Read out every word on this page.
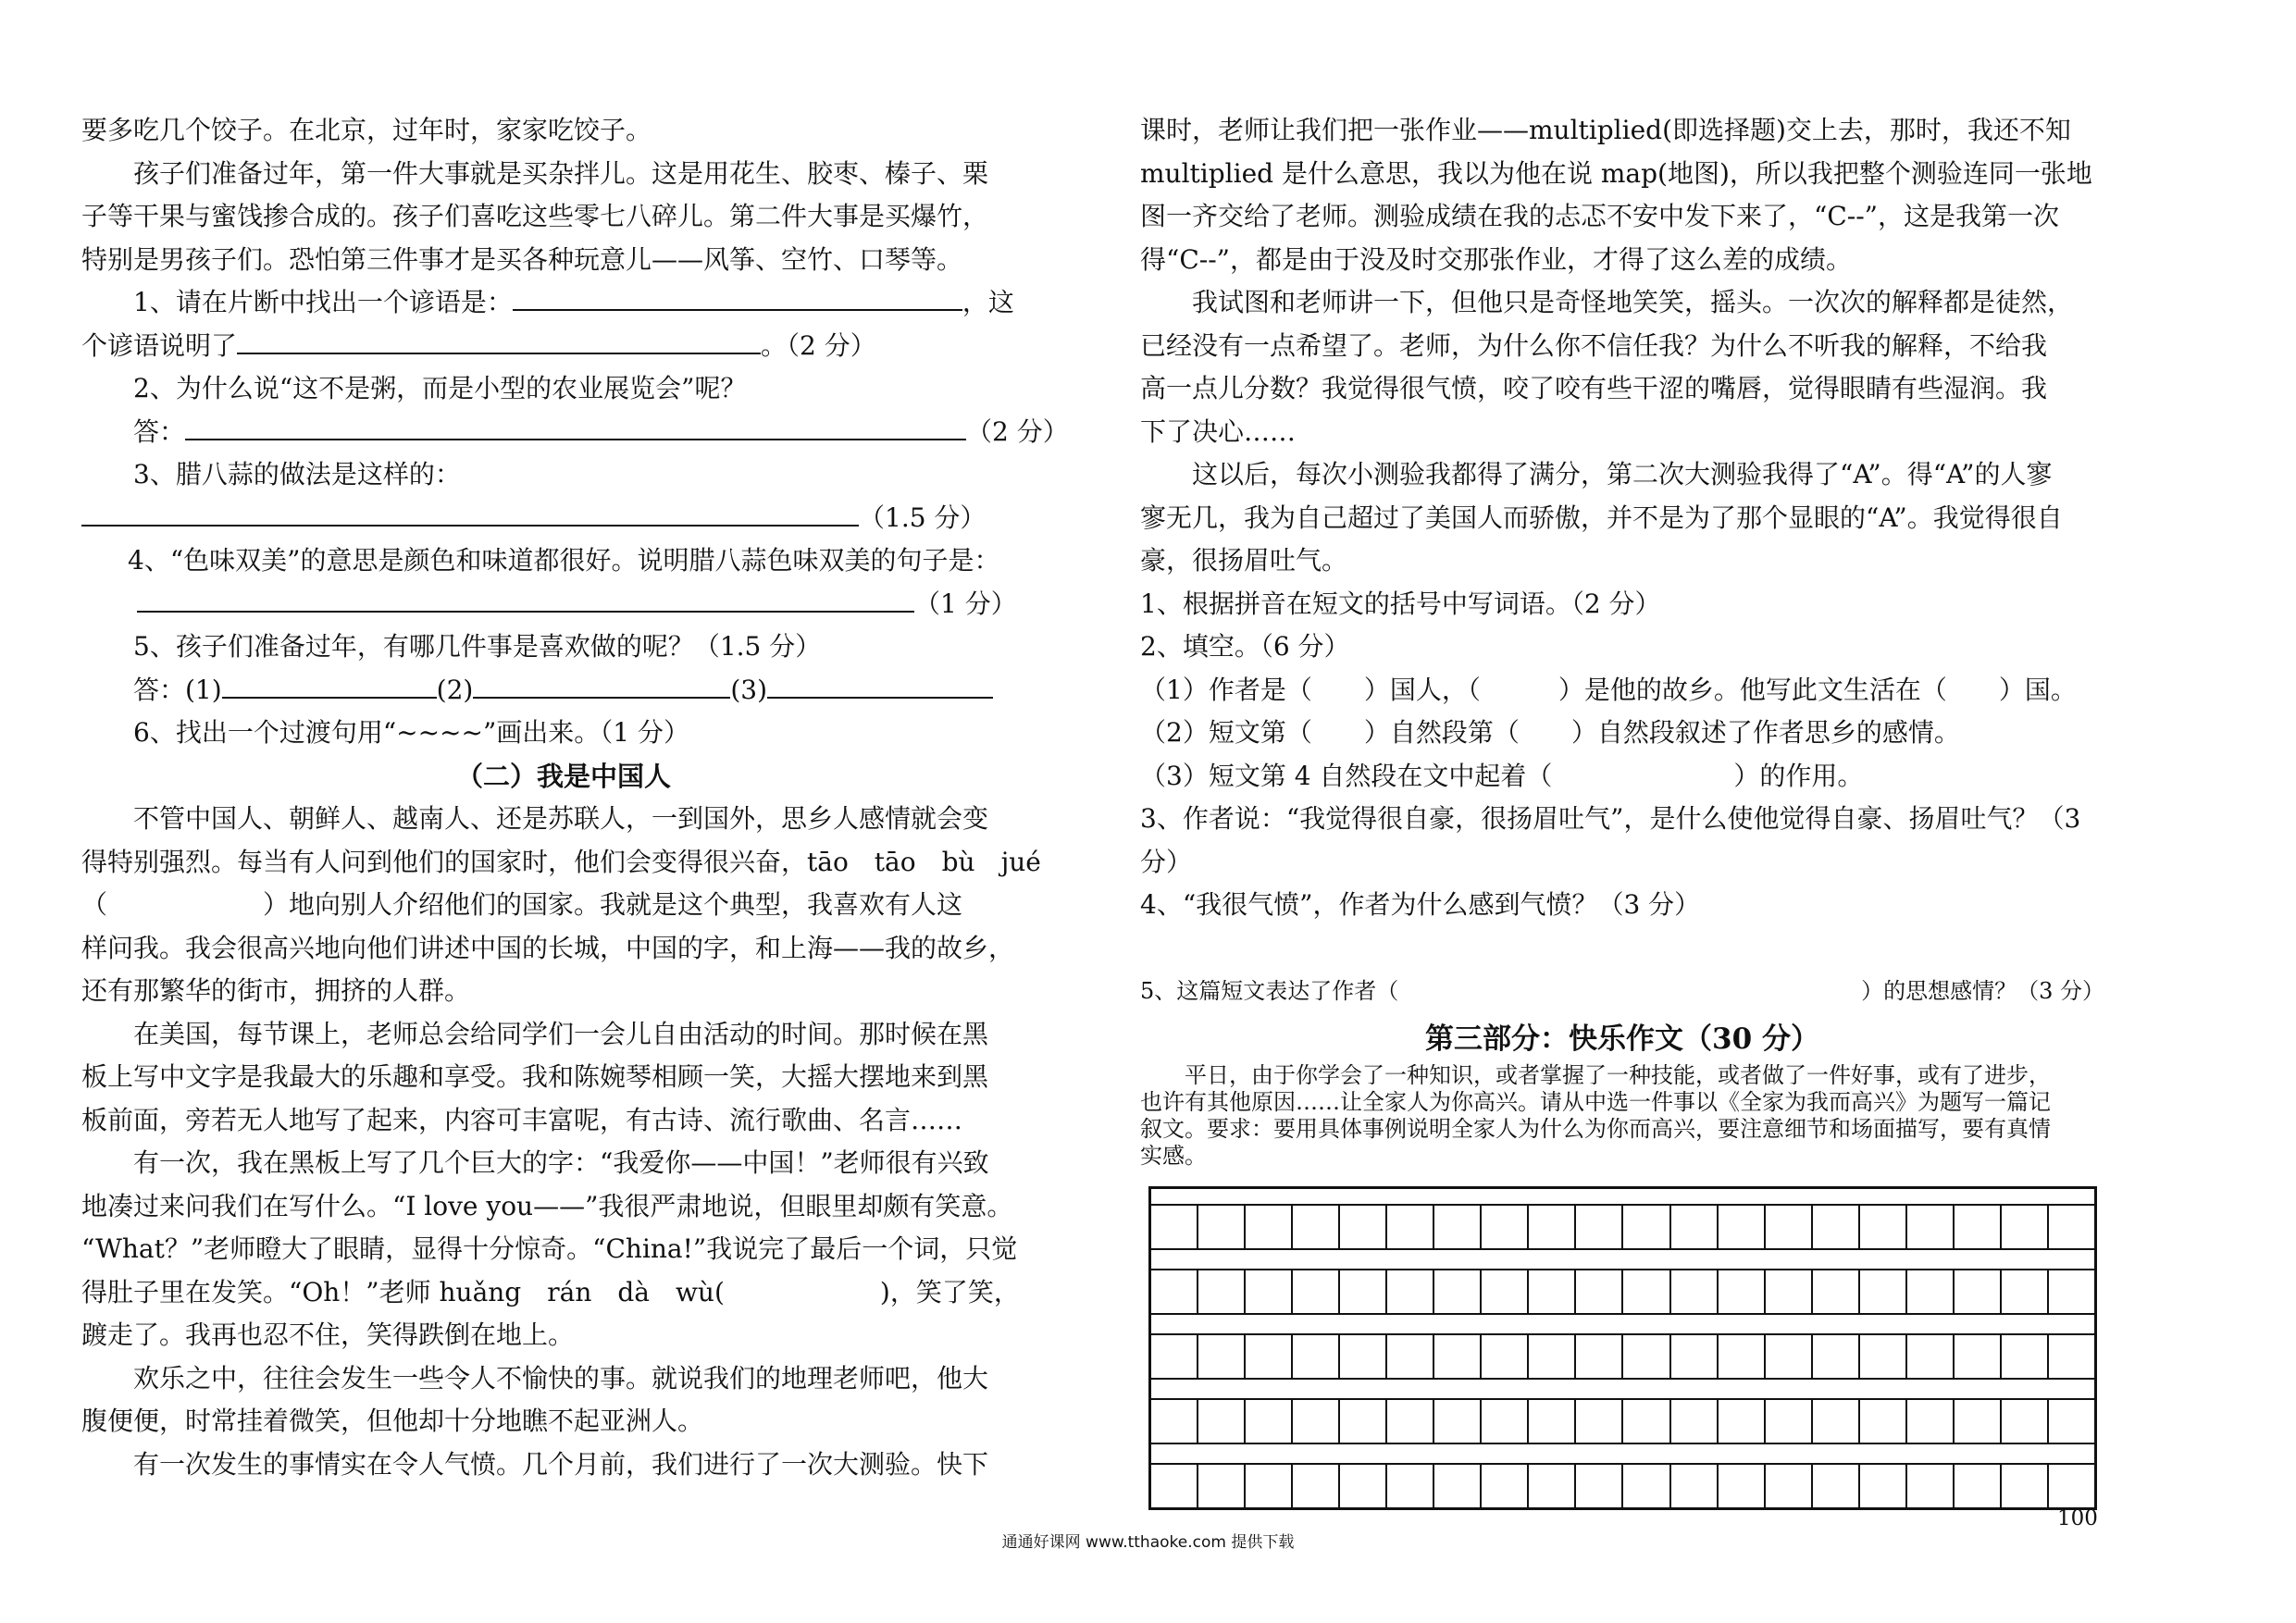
要多吃几个饺子。在北京，过年时，家家吃饺子。

孩子们准备过年，第一件大事就是买杂拌儿。这是用花生、胶枣、榛子、栗

子等干果与蜜饯掺合成的。孩子们喜吃这些零七八碎儿。第二件大事是买爆竹，

特别是男孩子们。恐怕第三件事才是买各种玩意儿——风筝、空竹、口琴等。

1、请在片断中找出一个谚语是：	，这

个谚语说明了	。（2 分）

2、为什么说“这不是粥，而是小型的农业展览会”呢？

答：	（2 分）

3、腊八蒜的做法是这样的：

（1.5 分）

4、“色味双美”的意思是颜色和味道都很好。说明腊八蒜色味双美的句子是：

（1 分）

5、孩子们准备过年，有哪几件事是喜欢做的呢？（1.5 分）

答：(1)	(2)	(3)

6、找出一个过渡句用“~~~~”画出来。（1 分）

（二）我是中国人

不管中国人、朝鲜人、越南人、还是苏联人，一到国外，思乡人感情就会变

得特别强烈。每当有人问到他们的国家时，他们会变得很兴奋，tāo　tāo　bù　jué

（　　　　　　）地向别人介绍他们的国家。我就是这个典型，我喜欢有人这

样问我。我会很高兴地向他们讲述中国的长城，中国的字，和上海——我的故乡，

还有那繁华的街市，拥挤的人群。

在美国，每节课上，老师总会给同学们一会儿自由活动的时间。那时候在黑

板上写中文字是我最大的乐趣和享受。我和陈婉琴相顾一笑，大摇大摆地来到黑

板前面，旁若无人地写了起来，内容可丰富呢，有古诗、流行歌曲、名言……

有一次，我在黑板上写了几个巨大的字：“我爱你——中国！”老师很有兴致

地凑过来问我们在写什么。“I love you——”我很严肃地说，但眼里却颇有笑意。

“What？”老师瞪大了眼睛，显得十分惊奇。“China!”我说完了最后一个词，只觉

得肚子里在发笑。“Oh！”老师 huǎng　rán　dà　wù(　　　　　　)，笑了笑，

踱走了。我再也忍不住，笑得跌倒在地上。

欢乐之中，往往会发生一些令人不愉快的事。就说我们的地理老师吧，他大

腹便便，时常挂着微笑，但他却十分地瞧不起亚洲人。

有一次发生的事情实在令人气愤。几个月前，我们进行了一次大测验。快下

课时，老师让我们把一张作业——multiplied(即选择题)交上去，那时，我还不知

multiplied 是什么意思，我以为他在说 map(地图)，所以我把整个测验连同一张地

图一齐交给了老师。测验成绩在我的忐忑不安中发下来了，“C--”，这是我第一次

得“C--”，都是由于没及时交那张作业，才得了这么差的成绩。

我试图和老师讲一下，但他只是奇怪地笑笑，摇头。一次次的解释都是徒然，

已经没有一点希望了。老师，为什么你不信任我？为什么不听我的解释，不给我

高一点儿分数？我觉得很气愤，咬了咬有些干涩的嘴唇，觉得眼睛有些湿润。我

下了决心……

这以后，每次小测验我都得了满分，第二次大测验我得了“A”。得“A”的人寥

寥无几，我为自己超过了美国人而骄傲，并不是为了那个显眼的“A”。我觉得很自

豪，很扬眉吐气。

1、根据拼音在短文的括号中写词语。（2 分）

2、填空。（6 分）

（1）作者是（　　）国人，（　　　）是他的故乡。他写此文生活在（　　）国。

（2）短文第（　　）自然段第（　　）自然段叙述了作者思乡的感情。

（3）短文第 4 自然段在文中起着（　　　　　　　）的作用。

3、作者说：“我觉得很自豪，很扬眉吐气”，是什么使他觉得自豪、扬眉吐气？（3

分）

4、“我很气愤”，作者为什么感到气愤？（3 分）

5、这篇短文表达了作者（	）的思想感情？（3 分）

第三部分：快乐作文（30 分）

平日，由于你学会了一种知识，或者掌握了一种技能，或者做了一件好事，或有了进步，

也许有其他原因……让全家人为你高兴。请从中选一件事以《全家为我而高兴》为题写一篇记

叙文。要求：要用具体事例说明全家人为什么为你而高兴，要注意细节和场面描写，要有真情

实感。

100
通通好课网 www.tthaoke.com 提供下载
